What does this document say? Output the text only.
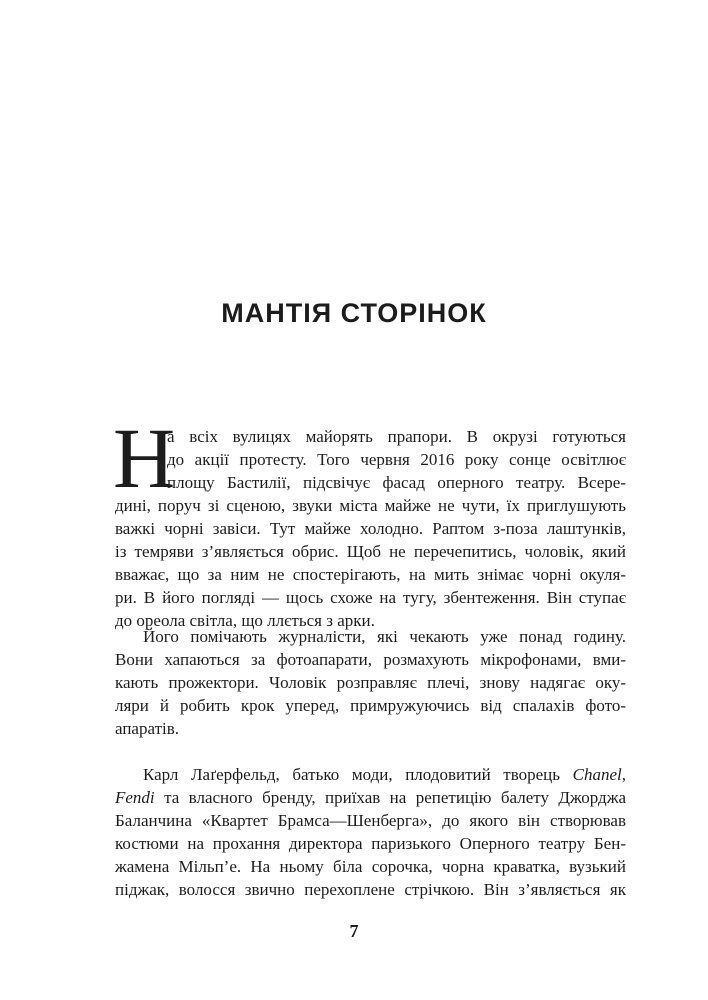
МАНТІЯ СТОРІНОК
Н
а всіх вулицях майорять прапори. В окрузі готуються
до акції протесту. Того червня 2016 року сонце освітлює
площу Бастилії, підсвічує фасад оперного театру. Всере-
дині, поруч зі сценою, звуки міста майже не чути, їх приглушують
важкі чорні завіси. Тут майже холодно. Раптом з-поза лаштунків,
із темряви з’являється обрис. Щоб не перечепитись, чоловік, який
вважає, що за ним не спостерігають, на мить знімає чорні окуля-
ри. В його погляді — щось схоже на тугу, збентеження. Він ступає
до ореола світла, що ллється з арки.
Його помічають журналісти, які чекають уже понад годину.
Вони хапаються за фотоапарати, розмахують мікрофонами, вми-
кають прожектори. Чоловік розправляє плечі, знову надягає оку-
ляри й робить крок уперед, примружуючись від спалахів фото-
апаратів.
Карл Лаґерфельд, батько моди, плодовитий творець Chanel,
Fendi та власного бренду, приїхав на репетицію балету Джорджа
Баланчина «Квартет Брамса—Шенберга», до якого він створював
костюми на прохання директора паризького Оперного театру Бен-
жамена Мільп’е. На ньому біла сорочка, чорна краватка, вузький
піджак, волосся звично перехоплене стрічкою. Він з’являється як
7
